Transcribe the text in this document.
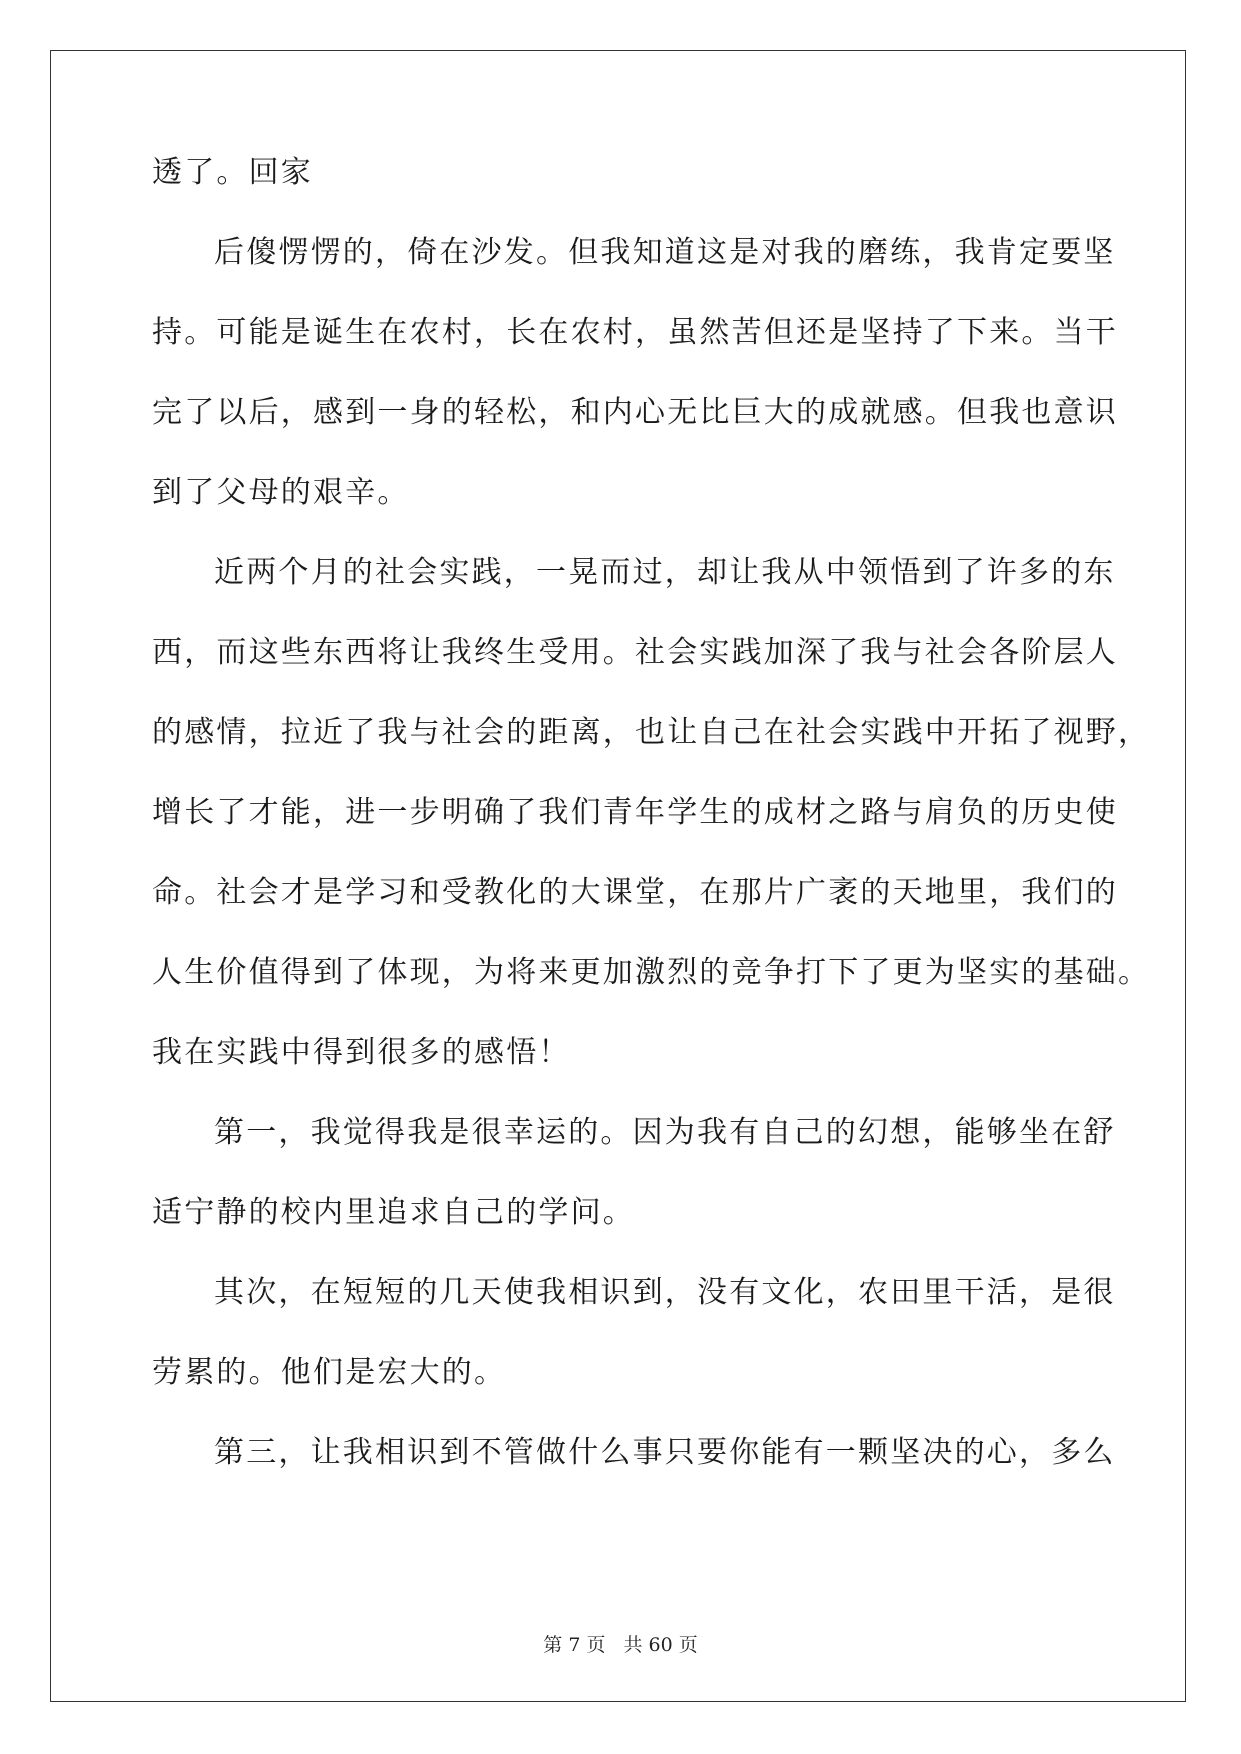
透了。回家
后傻愣愣的，倚在沙发。但我知道这是对我的磨练，我肯定要坚
持。可能是诞生在农村，长在农村，虽然苦但还是坚持了下来。当干
完了以后，感到一身的轻松，和内心无比巨大的成就感。但我也意识
到了父母的艰辛。
近两个月的社会实践，一晃而过，却让我从中领悟到了许多的东
西，而这些东西将让我终生受用。社会实践加深了我与社会各阶层人
的感情，拉近了我与社会的距离，也让自己在社会实践中开拓了视野，
增长了才能，进一步明确了我们青年学生的成材之路与肩负的历史使
命。社会才是学习和受教化的大课堂，在那片广袤的天地里，我们的
人生价值得到了体现，为将来更加激烈的竞争打下了更为坚实的基础。
我在实践中得到很多的感悟！
第一，我觉得我是很幸运的。因为我有自己的幻想，能够坐在舒
适宁静的校内里追求自己的学问。
其次，在短短的几天使我相识到，没有文化，农田里干活，是很
劳累的。他们是宏大的。
第三，让我相识到不管做什么事只要你能有一颗坚决的心，多么
第 7 页 共 60 页
